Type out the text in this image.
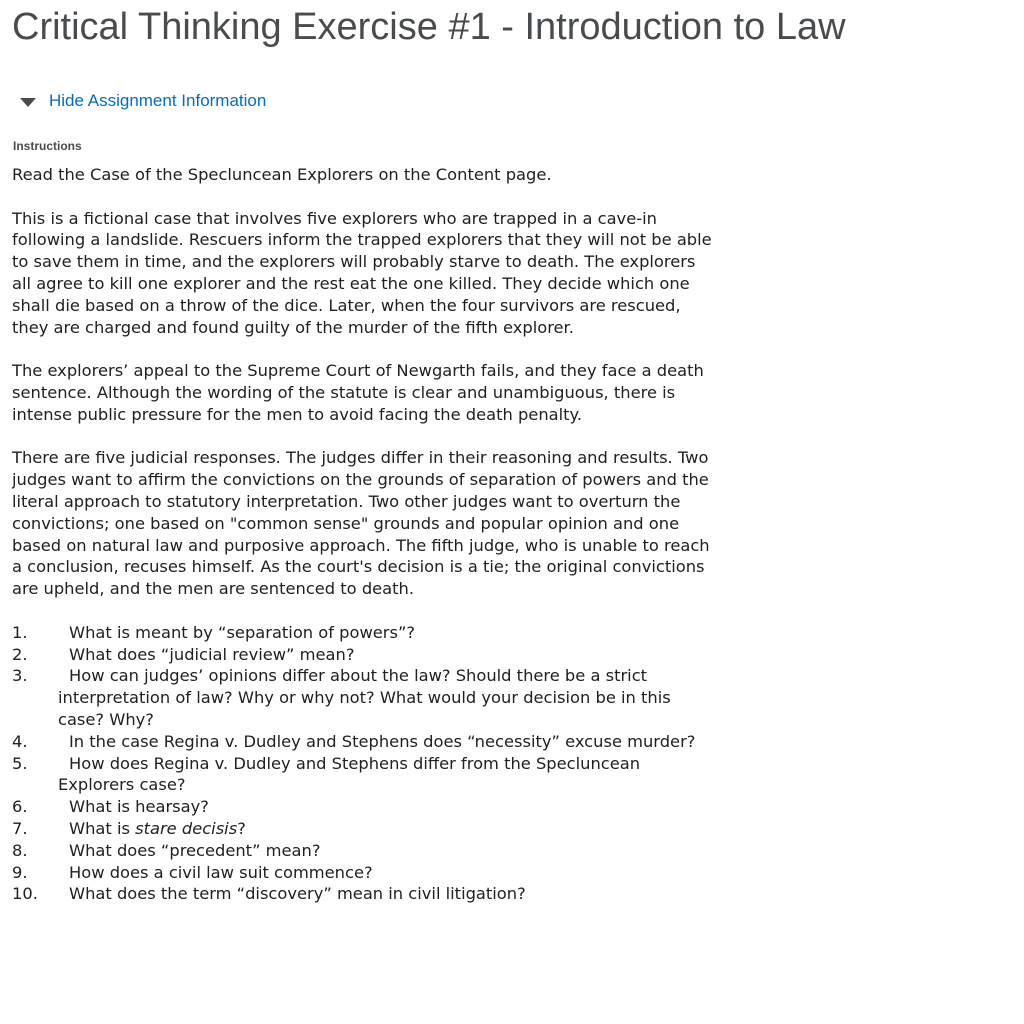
Critical Thinking Exercise #1 - Introduction to Law
Hide Assignment Information
Instructions

Read the Case of the Specluncean Explorers on the Content page.

This is a fictional case that involves five explorers who are trapped in a cave-in following a landslide. Rescuers inform the trapped explorers that they will not be able to save them in time, and the explorers will probably starve to death. The explorers all agree to kill one explorer and the rest eat the one killed. They decide which one shall die based on a throw of the dice. Later, when the four survivors are rescued, they are charged and found guilty of the murder of the fifth explorer.

The explorers’ appeal to the Supreme Court of Newgarth fails, and they face a death sentence. Although the wording of the statute is clear and unambiguous, there is intense public pressure for the men to avoid facing the death penalty.

There are five judicial responses. The judges differ in their reasoning and results. Two judges want to affirm the convictions on the grounds of separation of powers and the literal approach to statutory interpretation. Two other judges want to overturn the convictions; one based on "common sense" grounds and popular opinion and one based on natural law and purposive approach. The fifth judge, who is unable to reach a conclusion, recuses himself. As the court's decision is a tie; the original convictions are upheld, and the men are sentenced to death.

1.	What is meant by “separation of powers”?
2.	What does “judicial review” mean?
3.	How can judges’ opinions differ about the law? Should there be a strict interpretation of law? Why or why not? What would your decision be in this case? Why?
4.	In the case Regina v. Dudley and Stephens does “necessity” excuse murder?
5.	How does Regina v. Dudley and Stephens differ from the Specluncean Explorers case?
6.	What is hearsay?
7.	What is stare decisis?
8.	What does “precedent” mean?
9.	How does a civil law suit commence?
10. What does the term “discovery” mean in civil litigation?
